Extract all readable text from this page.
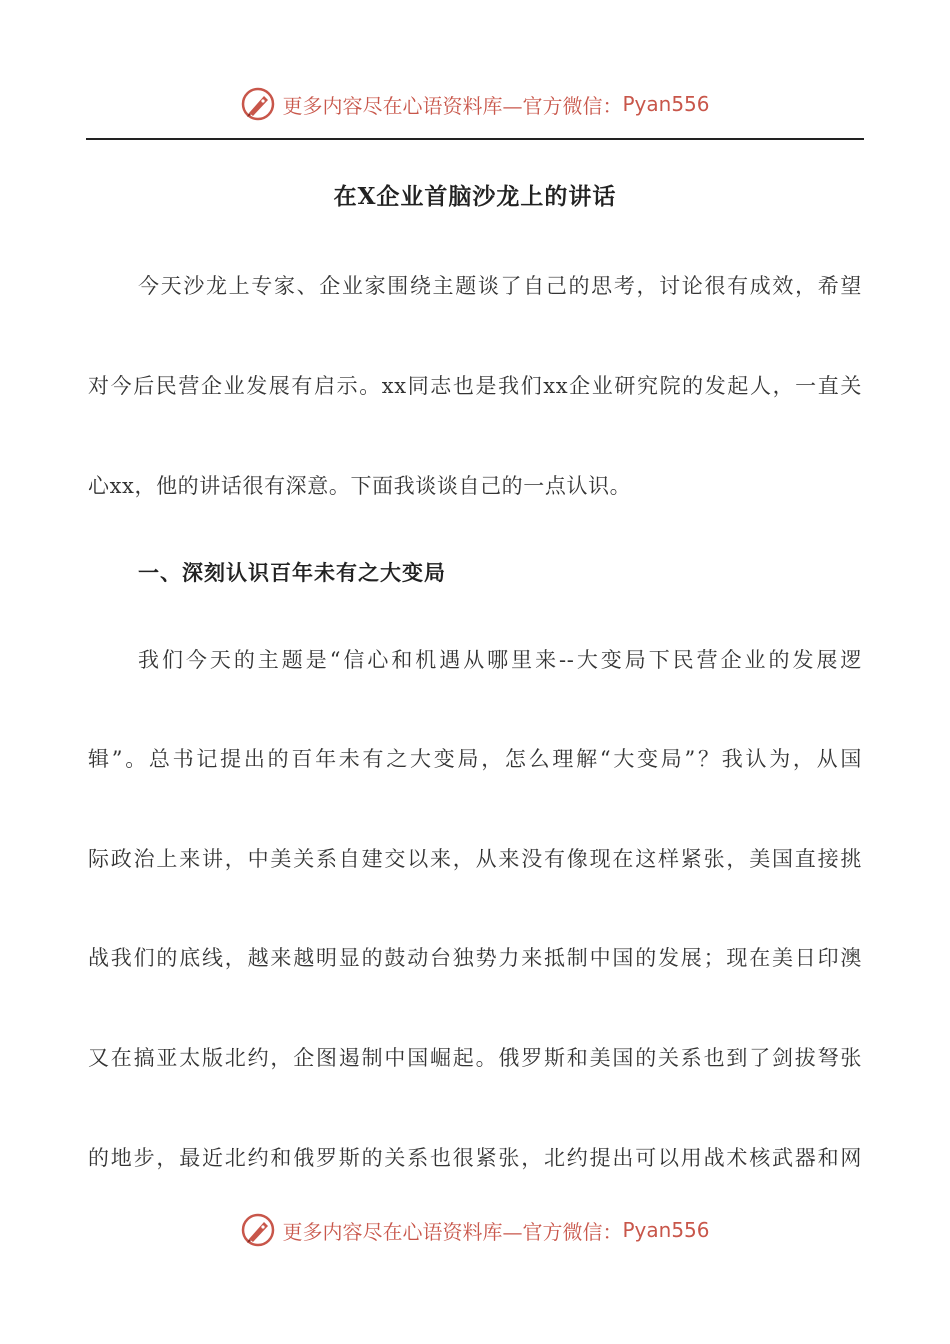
更多内容尽在心语资料库—官方微信： Pyan556
在X企业首脑沙龙上的讲话
今天沙龙上专家、企业家围绕主题谈了自己的思考，讨论很有成效，希望
对今后民营企业发展有启示。xx同志也是我们xx企业研究院的发起人，一直关
心xx，他的讲话很有深意。下面我谈谈自己的一点认识。
一、深刻认识百年未有之大变局
我们今天的主题是“信心和机遇从哪里来--大变局下民营企业的发展逻
辑”。总书记提出的百年未有之大变局，怎么理解“大变局”？我认为，从国
际政治上来讲，中美关系自建交以来，从来没有像现在这样紧张，美国直接挑
战我们的底线，越来越明显的鼓动台独势力来抵制中国的发展；现在美日印澳
又在搞亚太版北约，企图遏制中国崛起。俄罗斯和美国的关系也到了剑拔弩张
的地步，最近北约和俄罗斯的关系也很紧张，北约提出可以用战术核武器和网
更多内容尽在心语资料库—官方微信： Pyan556
